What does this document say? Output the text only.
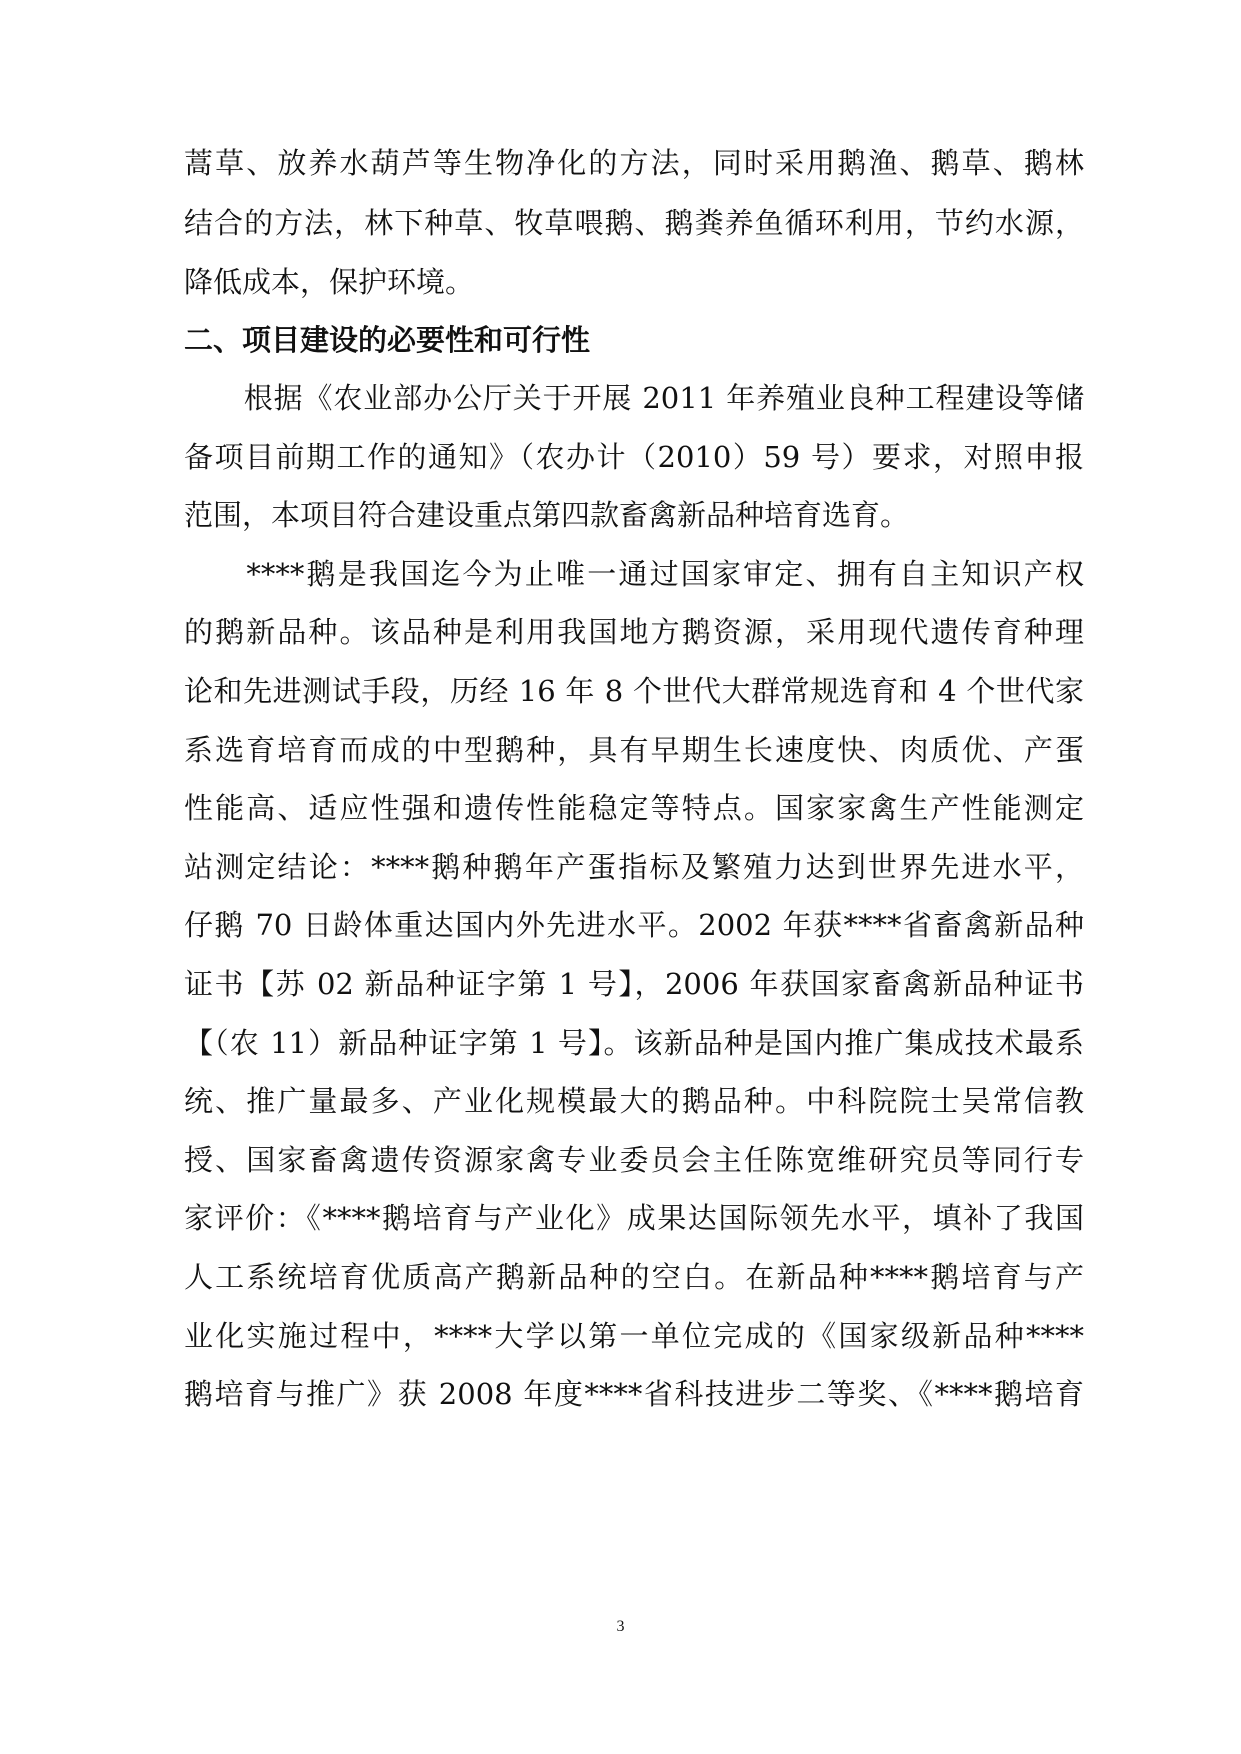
蒿草、放养水葫芦等生物净化的方法，同时采用鹅渔、鹅草、鹅林
结合的方法，林下种草、牧草喂鹅、鹅粪养鱼循环利用，节约水源，
降低成本，保护环境。
二、项目建设的必要性和可行性
　　根据《农业部办公厅关于开展 2011 年养殖业良种工程建设等储
备项目前期工作的通知》（农办计（2010）59 号）要求，对照申报
范围，本项目符合建设重点第四款畜禽新品种培育选育。
　　****鹅是我国迄今为止唯一通过国家审定、拥有自主知识产权
的鹅新品种。该品种是利用我国地方鹅资源，采用现代遗传育种理
论和先进测试手段，历经 16 年 8 个世代大群常规选育和 4 个世代家
系选育培育而成的中型鹅种，具有早期生长速度快、肉质优、产蛋
性能高、适应性强和遗传性能稳定等特点。国家家禽生产性能测定
站测定结论：****鹅种鹅年产蛋指标及繁殖力达到世界先进水平，
仔鹅 70 日龄体重达国内外先进水平。2002 年获****省畜禽新品种
证书【苏 02 新品种证字第 1 号】，2006 年获国家畜禽新品种证书
【（农 11）新品种证字第 1 号】。该新品种是国内推广集成技术最系
统、推广量最多、产业化规模最大的鹅品种。中科院院士吴常信教
授、国家畜禽遗传资源家禽专业委员会主任陈宽维研究员等同行专
家评价：《****鹅培育与产业化》成果达国际领先水平，填补了我国
人工系统培育优质高产鹅新品种的空白。在新品种****鹅培育与产
业化实施过程中，****大学以第一单位完成的《国家级新品种****
鹅培育与推广》获 2008 年度****省科技进步二等奖、《****鹅培育
3
